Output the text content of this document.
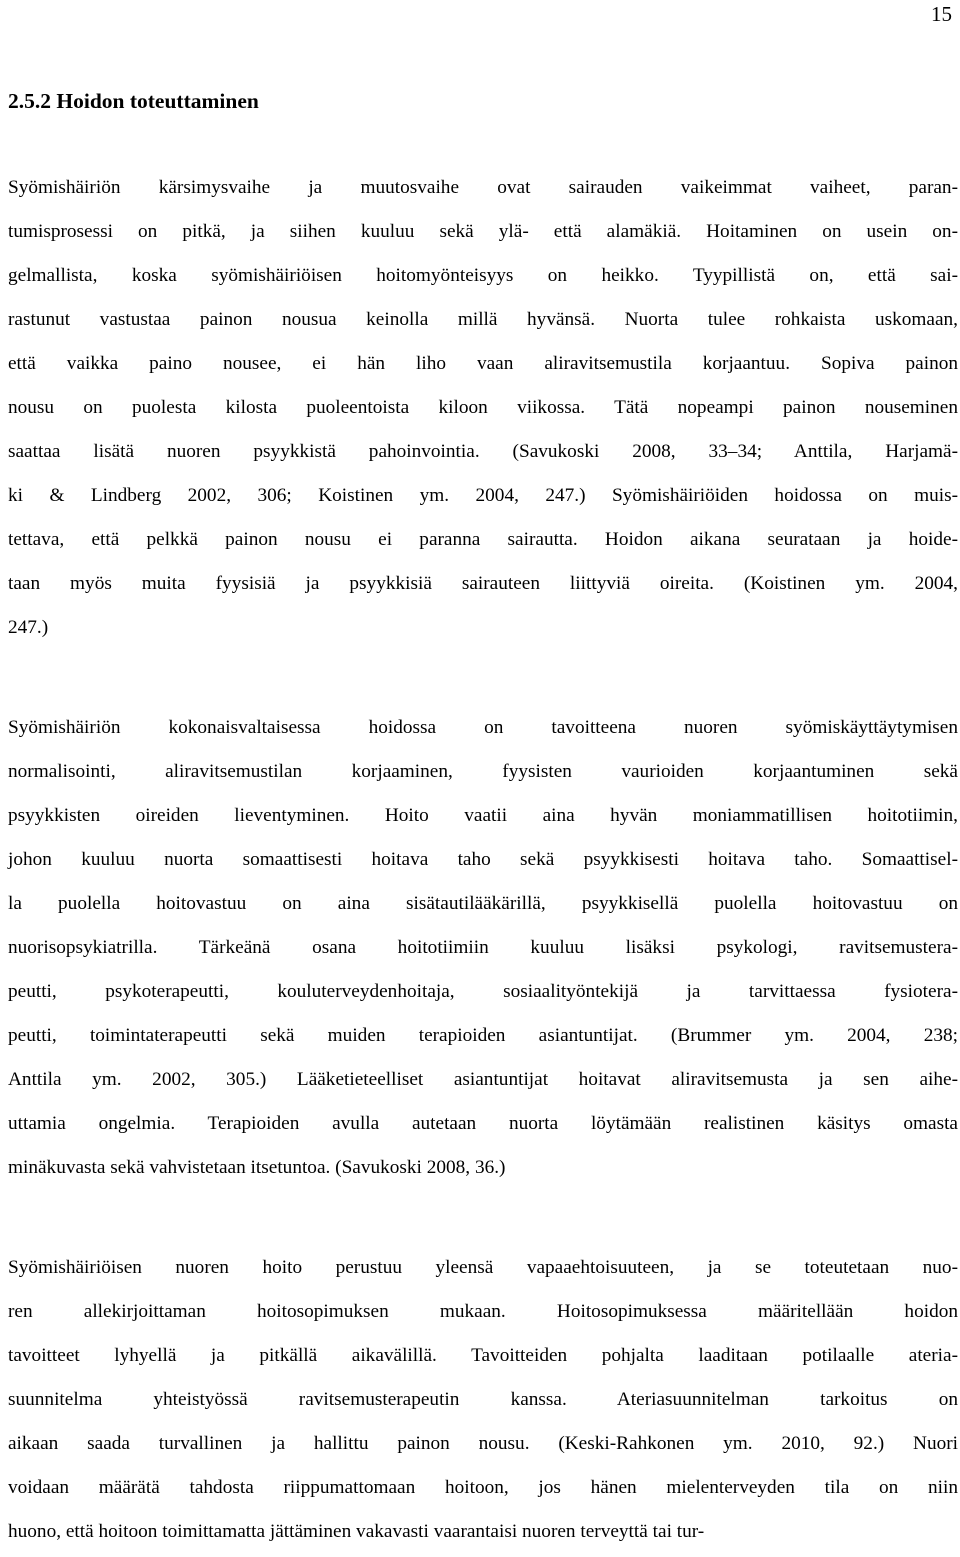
15
2.5.2 Hoidon toteuttaminen
Syömishäiriön kärsimysvaihe ja muutosvaihe ovat sairauden vaikeimmat vaiheet, paran-
tumisprosessi on pitkä, ja siihen kuuluu sekä ylä- että alamäkiä. Hoitaminen on usein on-
gelmallista, koska syömishäiriöisen hoitomyönteisyys on heikko. Tyypillistä on, että sai-
rastunut vastustaa painon nousua keinolla millä hyvänsä. Nuorta tulee rohkaista uskomaan,
että vaikka paino nousee, ei hän liho vaan aliravitsemustila korjaantuu. Sopiva painon
nousu on puolesta kilosta puoleentoista kiloon viikossa. Tätä nopeampi painon nouseminen
saattaa lisätä nuoren psyykkistä pahoinvointia. (Savukoski 2008, 33–34; Anttila, Harjamä-
ki & Lindberg 2002, 306; Koistinen ym. 2004, 247.) Syömishäiriöiden hoidossa on muis-
tettava, että pelkkä painon nousu ei paranna sairautta. Hoidon aikana seurataan ja hoide-
taan myös muita fyysisiä ja psyykkisiä sairauteen liittyviä oireita. (Koistinen ym. 2004,
247.)
Syömishäiriön kokonaisvaltaisessa hoidossa on tavoitteena nuoren syömiskäyttäytymisen
normalisointi, aliravitsemustilan korjaaminen, fyysisten vaurioiden korjaantuminen sekä
psyykkisten oireiden lieventyminen. Hoito vaatii aina hyvän moniammatillisen hoitotiimin,
johon kuuluu nuorta somaattisesti hoitava taho sekä psyykkisesti hoitava taho. Somaattisel-
la puolella hoitovastuu on aina sisätautilääkärillä, psyykkisellä puolella hoitovastuu on
nuorisopsykiatrilla. Tärkeänä osana hoitotiimiin kuuluu lisäksi psykologi, ravitsemustera-
peutti, psykoterapeutti, kouluterveydenhoitaja, sosiaalityöntekijä ja tarvittaessa fysiotera-
peutti, toimintaterapeutti sekä muiden terapioiden asiantuntijat. (Brummer ym. 2004, 238;
Anttila ym. 2002, 305.) Lääketieteelliset asiantuntijat hoitavat aliravitsemusta ja sen aihe-
uttamia ongelmia. Terapioiden avulla autetaan nuorta löytämään realistinen käsitys omasta
minäkuvasta sekä vahvistetaan itsetuntoa. (Savukoski 2008, 36.)
Syömishäiriöisen nuoren hoito perustuu yleensä vapaaehtoisuuteen, ja se toteutetaan nuo-
ren allekirjoittaman hoitosopimuksen mukaan. Hoitosopimuksessa määritellään hoidon
tavoitteet lyhyellä ja pitkällä aikavälillä. Tavoitteiden pohjalta laaditaan potilaalle ateria-
suunnitelma yhteistyössä ravitsemusterapeutin kanssa. Ateriasuunnitelman tarkoitus on
aikaan saada turvallinen ja hallittu painon nousu. (Keski-Rahkonen ym. 2010, 92.) Nuori
voidaan määrätä tahdosta riippumattomaan hoitoon, jos hänen mielenterveyden tila on niin
huono, että hoitoon toimittamatta jättäminen vakavasti vaarantaisi nuoren terveyttä tai tur-
